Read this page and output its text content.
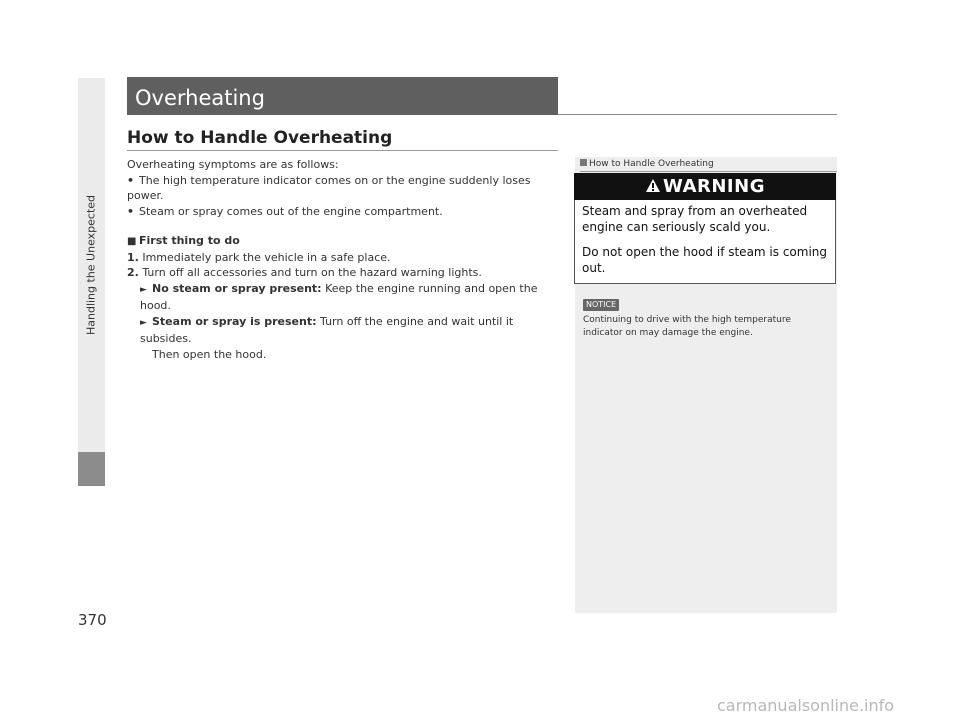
Handling the Unexpected
Overheating
How to Handle Overheating

Overheating symptoms are as follows:

• The high temperature indicator comes on or the engine suddenly loses power.

• Steam or spray comes out of the engine compartment.

■ First thing to do

1. Immediately park the vehicle in a safe place.

2. Turn off all accessories and turn on the hazard warning lights.

► No steam or spray present: Keep the engine running and open the hood.

► Steam or spray is present: Turn off the engine and wait until it subsides.

Then open the hood.

How to Handle Overheating
WARNING

Steam and spray from an overheated engine can seriously scald you.

Do not open the hood if steam is coming out.

NOTICE
Continuing to drive with the high temperature indicator on may damage the engine.
370
carmanualsonline.info
